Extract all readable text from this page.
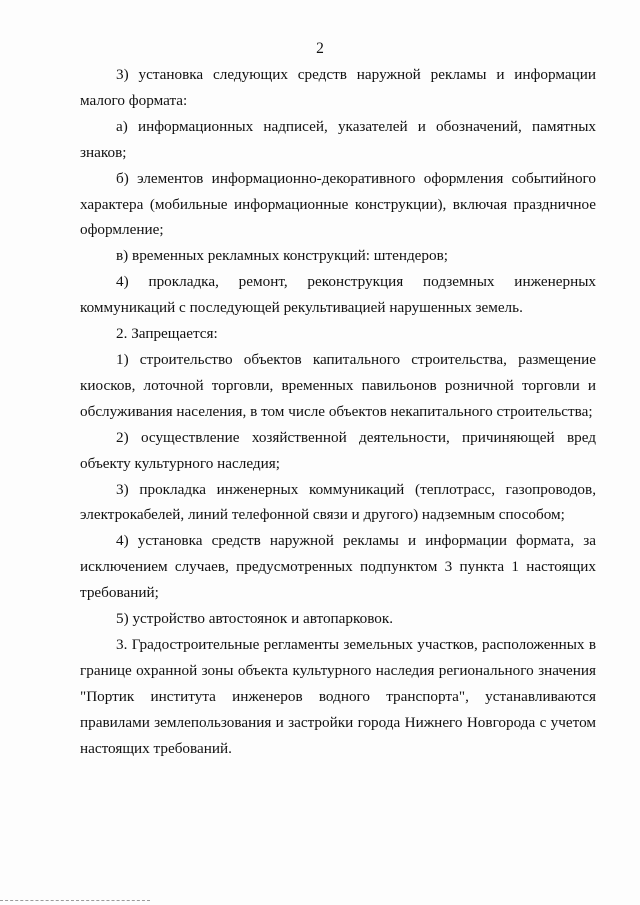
2

3) установка следующих средств наружной рекламы и информации малого формата:

а) информационных надписей, указателей и обозначений, памятных знаков;

б) элементов информационно-декоративного оформления событийного характера (мобильные информационные конструкции), включая праздничное оформление;

в) временных рекламных конструкций: штендеров;

4) прокладка, ремонт, реконструкция подземных инженерных коммуникаций с последующей рекультивацией нарушенных земель.

2. Запрещается:

1) строительство объектов капитального строительства, размещение киосков, лоточной торговли, временных павильонов розничной торговли и обслуживания населения, в том числе объектов некапитального строительства;

2) осуществление хозяйственной деятельности, причиняющей вред объекту культурного наследия;

3) прокладка инженерных коммуникаций (теплотрасс, газопроводов, электрокабелей, линий телефонной связи и другого) надземным способом;

4) установка средств наружной рекламы и информации формата, за исключением случаев, предусмотренных подпунктом 3 пункта 1 настоящих требований;

5) устройство автостоянок и автопарковок.

3. Градостроительные регламенты земельных участков, расположенных в границе охранной зоны объекта культурного наследия регионального значения "Портик института инженеров водного транспорта", устанавливаются правилами землепользования и застройки города Нижнего Новгорода с учетом настоящих требований.
